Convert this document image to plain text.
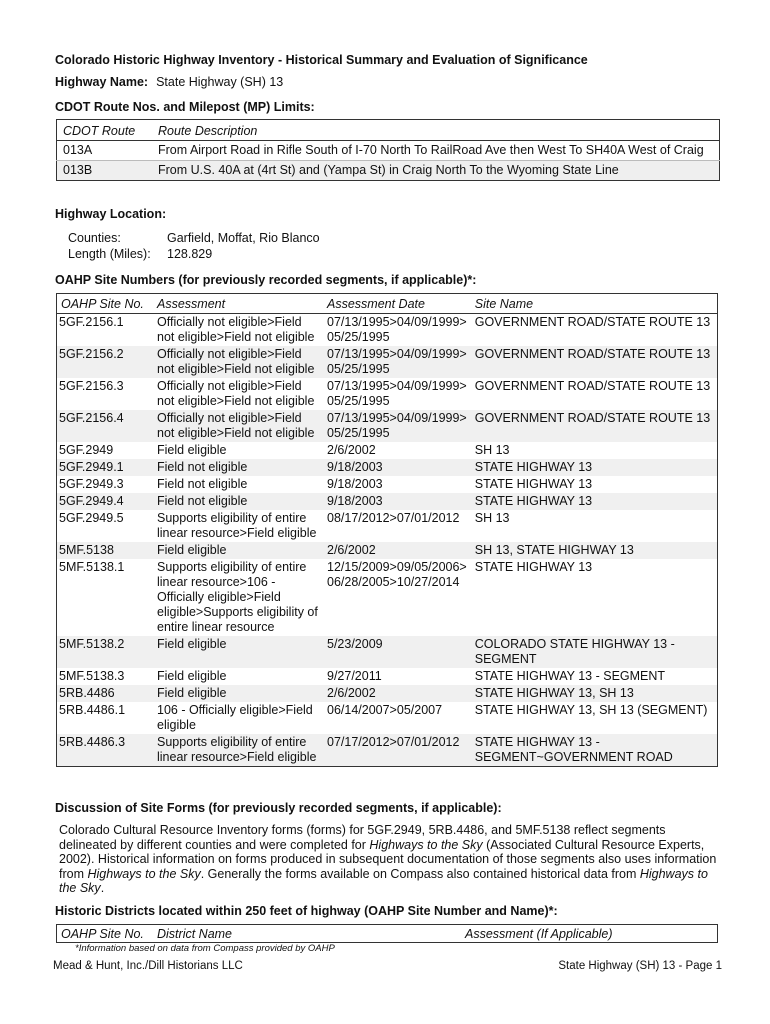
Colorado Historic Highway Inventory - Historical Summary and Evaluation of Significance
Highway Name: State Highway (SH) 13
CDOT Route Nos. and Milepost (MP) Limits:
CDOT Route	Route Description
013A	From Airport Road in Rifle South of I-70 North To RailRoad Ave then West To SH40A West of Craig
013B	From U.S. 40A at (4rt St) and (Yampa St) in Craig North To the Wyoming State Line
Highway Location:
Counties:	Garfield, Moffat, Rio Blanco
Length (Miles): 128.829
OAHP Site Numbers (for previously recorded segments, if applicable)*:
OAHP Site No.	Assessment	Assessment Date	Site Name
5GF.2156.1	Officially not eligible>Field not eligible>Field not eligible	07/13/1995>04/09/1999> 05/25/1995	GOVERNMENT ROAD/STATE ROUTE 13
5GF.2156.2	Officially not eligible>Field not eligible>Field not eligible	07/13/1995>04/09/1999> 05/25/1995	GOVERNMENT ROAD/STATE ROUTE 13
5GF.2156.3	Officially not eligible>Field not eligible>Field not eligible	07/13/1995>04/09/1999> 05/25/1995	GOVERNMENT ROAD/STATE ROUTE 13
5GF.2156.4	Officially not eligible>Field not eligible>Field not eligible	07/13/1995>04/09/1999> 05/25/1995	GOVERNMENT ROAD/STATE ROUTE 13
5GF.2949	Field eligible	2/6/2002	SH 13
5GF.2949.1	Field not eligible	9/18/2003	STATE HIGHWAY 13
5GF.2949.3	Field not eligible	9/18/2003	STATE HIGHWAY 13
5GF.2949.4	Field not eligible	9/18/2003	STATE HIGHWAY 13
5GF.2949.5	Supports eligibility of entire linear resource>Field eligible	08/17/2012>07/01/2012	SH 13
5MF.5138	Field eligible	2/6/2002	SH 13, STATE HIGHWAY 13
5MF.5138.1	Supports eligibility of entire linear resource>106 - Officially eligible>Field eligible>Supports eligibility of entire linear resource	12/15/2009>09/05/2006> 06/28/2005>10/27/2014	STATE HIGHWAY 13
5MF.5138.2	Field eligible	5/23/2009	COLORADO STATE HIGHWAY 13 - SEGMENT
5MF.5138.3	Field eligible	9/27/2011	STATE HIGHWAY 13 - SEGMENT
5RB.4486	Field eligible	2/6/2002	STATE HIGHWAY 13, SH 13
5RB.4486.1	106 - Officially eligible>Field eligible	06/14/2007>05/2007	STATE HIGHWAY 13, SH 13 (SEGMENT)
5RB.4486.3	Supports eligibility of entire linear resource>Field eligible	07/17/2012>07/01/2012	STATE HIGHWAY 13 - SEGMENT~GOVERNMENT ROAD
Discussion of Site Forms (for previously recorded segments, if applicable):
Colorado Cultural Resource Inventory forms (forms) for 5GF.2949, 5RB.4486, and 5MF.5138 reflect segments delineated by different counties and were completed for Highways to the Sky (Associated Cultural Resource Experts, 2002). Historical information on forms produced in subsequent documentation of those segments also uses information from Highways to the Sky. Generally the forms available on Compass also contained historical data from Highways to the Sky.
Historic Districts located within 250 feet of highway (OAHP Site Number and Name)*:
OAHP Site No.	District Name	Assessment (If Applicable)
*Information based on data from Compass provided by OAHP
Mead & Hunt, Inc./Dill Historians LLC	State Highway (SH) 13 - Page 1
